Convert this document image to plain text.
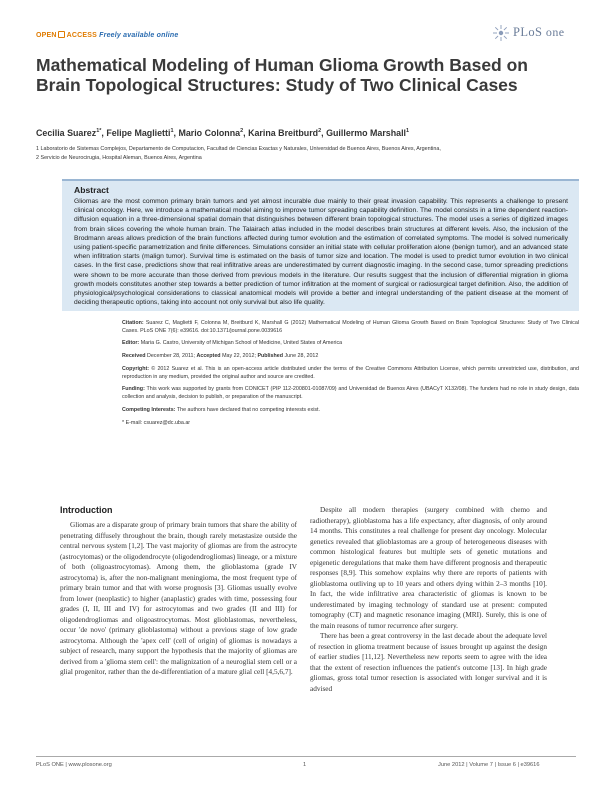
OPEN ACCESS Freely available online	PLoS one
Mathematical Modeling of Human Glioma Growth Based on Brain Topological Structures: Study of Two Clinical Cases
Cecilia Suarez$^{1*}$, Felipe Maglietti$^1$, Mario Colonna$^2$, Karina Breitburd$^2$, Guillermo Marshall$^1$
1 Laboratorio de Sistemas Complejos, Departamento de Computacion, Facultad de Ciencias Exactas y Naturales, Universidad de Buenos Aires, Buenos Aires, Argentina,
2 Servicio de Neurocirugia, Hospital Aleman, Buenos Aires, Argentina
Abstract
Gliomas are the most common primary brain tumors and yet almost incurable due mainly to their great invasion capability. This represents a challenge to present clinical oncology. Here, we introduce a mathematical model aiming to improve tumor spreading capability definition. The model consists in a time dependent reaction-diffusion equation in a three-dimensional spatial domain that distinguishes between different brain topological structures. The model uses a series of digitized images from brain slices covering the whole human brain. The Talairach atlas included in the model describes brain structures at different levels. Also, the inclusion of the Brodmann areas allows prediction of the brain functions affected during tumor evolution and the estimation of correlated symptoms. The model is solved numerically using patient-specific parametrization and finite differences. Simulations consider an initial state with cellular proliferation alone (benign tumor), and an advanced state when infiltration starts (malign tumor). Survival time is estimated on the basis of tumor size and location. The model is used to predict tumor evolution in two clinical cases. In the first case, predictions show that real infiltrative areas are underestimated by current diagnostic imaging. In the second case, tumor spreading predictions were shown to be more accurate than those derived from previous models in the literature. Our results suggest that the inclusion of differential migration in glioma growth models constitutes another step towards a better prediction of tumor infiltration at the moment of surgical or radiosurgical target definition. Also, the addition of physiological/psychological considerations to classical anatomical models will provide a better and integral understanding of the patient disease at the moment of deciding therapeutic options, taking into account not only survival but also life quality.
Citation: Suarez C, Maglietti F, Colonna M, Breitburd K, Marshall G (2012) Mathematical Modeling of Human Glioma Growth Based on Brain Topological Structures: Study of Two Clinical Cases. PLoS ONE 7(6): e39616. doi:10.1371/journal.pone.0039616
Editor: Maria G. Castro, University of Michigan School of Medicine, United States of America
Received December 28, 2011; Accepted May 22, 2012; Published June 28, 2012
Copyright: © 2012 Suarez et al. This is an open-access article distributed under the terms of the Creative Commons Attribution License, which permits unrestricted use, distribution, and reproduction in any medium, provided the original author and source are credited.
Funding: This work was supported by grants from CONICET (PIP 112-200801-01087/09) and Universidad de Buenos Aires (UBACyT X132/08). The funders had no role in study design, data collection and analysis, decision to publish, or preparation of the manuscript.
Competing Interests: The authors have declared that no competing interests exist.
* E-mail: csuarez@dc.uba.ar
Introduction

Gliomas are a disparate group of primary brain tumors that share the ability of penetrating diffusely throughout the brain, though rarely metastasize outside the central nervous system [1,2]. The vast majority of gliomas are from the astrocyte (astrocytomas) or the oligodendrocyte (oligodendrogliomas) lineage, or a mixture of both (oligoastrocytomas). Among them, the glioblastoma (grade IV astrocytoma) is, after the non-malignant meningioma, the most frequent type of primary brain tumor and that with worse prognosis [3]. Gliomas usually evolve from lower (neoplastic) to higher (anaplastic) grades with time, possessing four grades (I, II, III and IV) for astrocytomas and two grades (II and III) for oligodendrogliomas and oligoastrocytomas. Most glioblastomas, nevertheless, occur 'de novo' (primary glioblastoma) without a previous stage of low grade astrocytoma. Although the 'apex cell' (cell of origin) of gliomas is nowadays a subject of research, many support the hypothesis that the majority of gliomas are derived from a 'glioma stem cell': the malignization of a neuroglial stem cell or a glial progenitor, rather than the de-differentiation of a mature glial cell [4,5,6,7].

Despite all modern therapies (surgery combined with chemo and radiotherapy), glioblastoma has a life expectancy, after diagnosis, of only around 14 months. This constitutes a real challenge for present day oncology. Molecular genetics revealed that glioblastomas are a group of heterogeneous diseases with common histological features but multiple sets of genetic mutations and epigenetic deregulations that make them have different prognosis and therapeutic responses [8,9]. This somehow explains why there are reports of patients with glioblastoma outliving up to 10 years and others dying within 2–3 months [10]. In fact, the wide infiltrative area characteristic of gliomas is known to be underestimated by imaging technology of standard use at present: computed tomography (CT) and magnetic resonance imaging (MRI). Surely, this is one of the main reasons of tumor recurrence after surgery.

There has been a great controversy in the last decade about the adequate level of resection in glioma treatment because of issues brought up against the design of earlier studies [11,12]. Nevertheless new reports seem to agree with the idea that the extent of resection influences the patient's outcome [13]. In high grade gliomas, gross total tumor resection is associated with longer survival and it is advised

PLoS ONE | www.plosone.org	1	June 2012 | Volume 7 | Issue 6 | e39616
